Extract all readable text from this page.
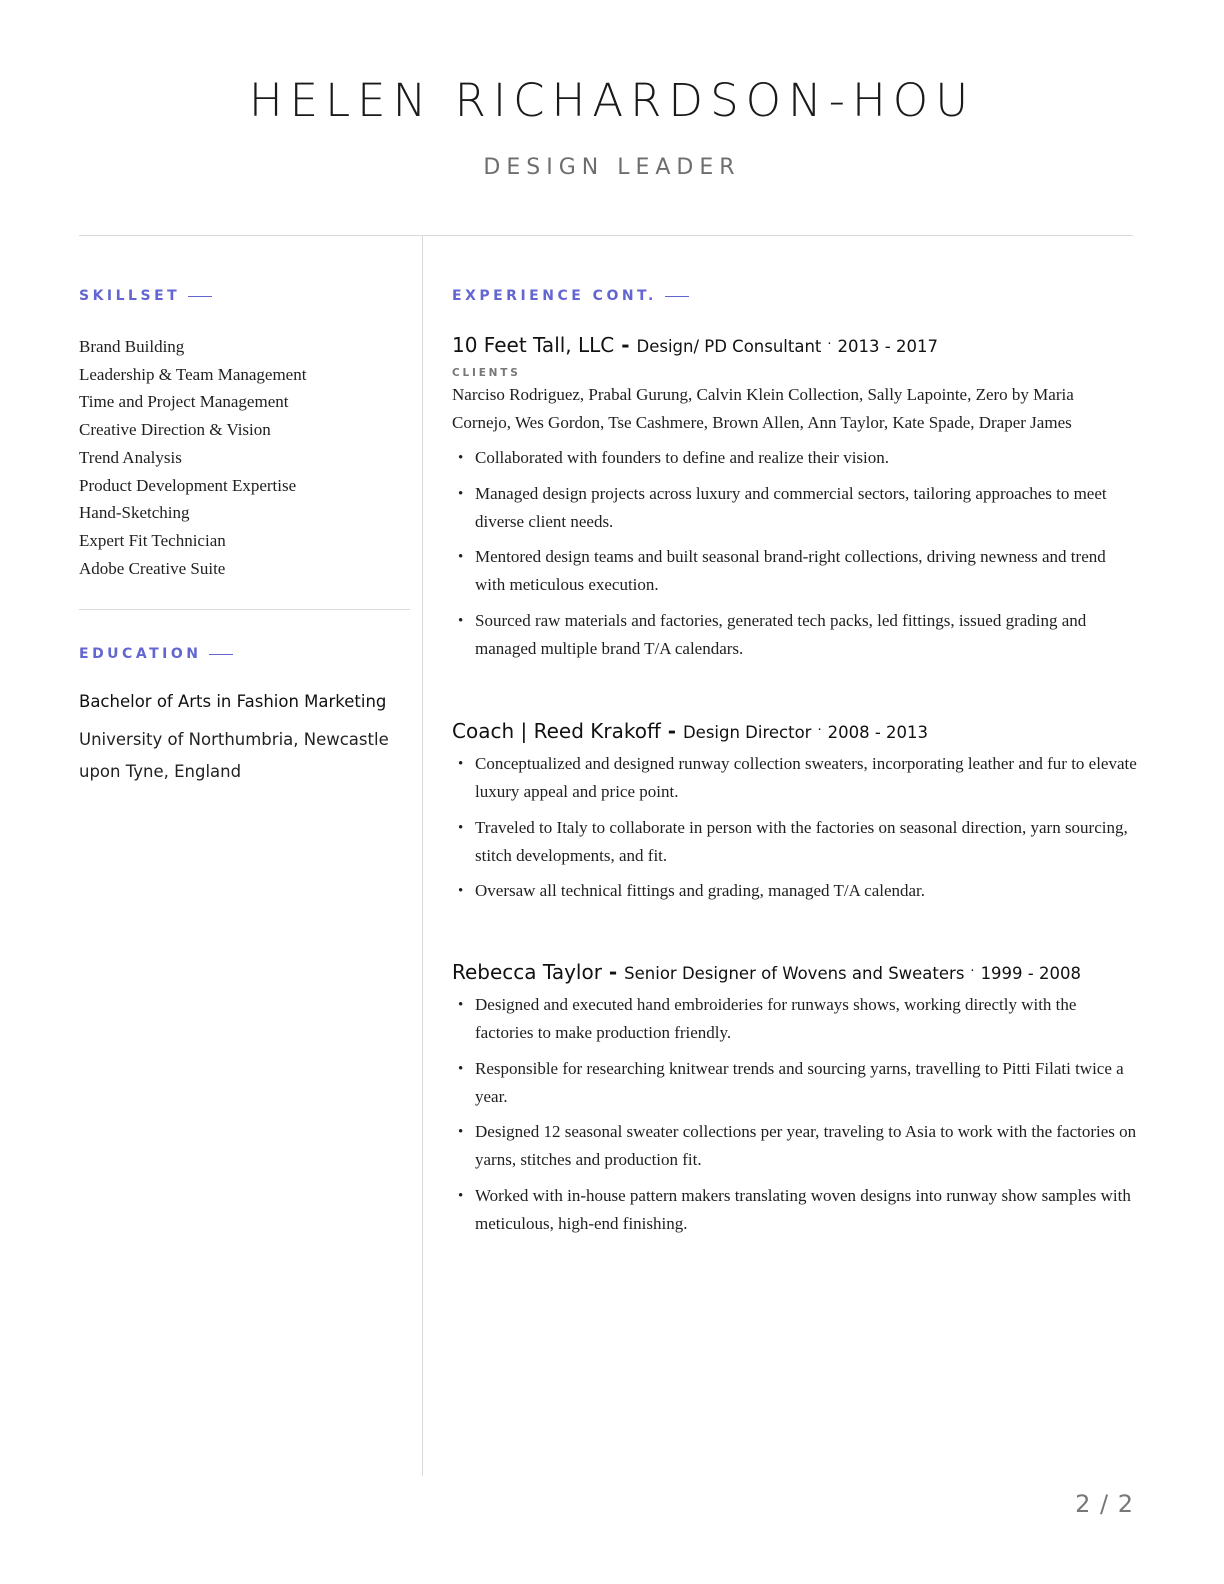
HELEN RICHARDSON-HOU
DESIGN LEADER
SKILLSET
Brand Building
Leadership & Team Management
Time and Project Management
Creative Direction & Vision
Trend Analysis
Product Development Expertise
Hand-Sketching
Expert Fit Technician
Adobe Creative Suite
EDUCATION
Bachelor of Arts in Fashion Marketing
University of Northumbria, Newcastle upon Tyne, England
EXPERIENCE CONT.
10 Feet Tall, LLC - Design/ PD Consultant · 2013 - 2017
CLIENTS
Narciso Rodriguez, Prabal Gurung, Calvin Klein Collection, Sally Lapointe, Zero by Maria Cornejo, Wes Gordon, Tse Cashmere, Brown Allen, Ann Taylor, Kate Spade, Draper James
• Collaborated with founders to define and realize their vision.
• Managed design projects across luxury and commercial sectors, tailoring approaches to meet diverse client needs.
• Mentored design teams and built seasonal brand-right collections, driving newness and trend with meticulous execution.
• Sourced raw materials and factories, generated tech packs, led fittings, issued grading and managed multiple brand T/A calendars.
Coach | Reed Krakoff - Design Director · 2008 - 2013
• Conceptualized and designed runway collection sweaters, incorporating leather and fur to elevate luxury appeal and price point.
• Traveled to Italy to collaborate in person with the factories on seasonal direction, yarn sourcing, stitch developments, and fit.
• Oversaw all technical fittings and grading, managed T/A calendar.
Rebecca Taylor - Senior Designer of Wovens and Sweaters · 1999 - 2008
• Designed and executed hand embroideries for runways shows, working directly with the factories to make production friendly.
• Responsible for researching knitwear trends and sourcing yarns, travelling to Pitti Filati twice a year.
• Designed 12 seasonal sweater collections per year, traveling to Asia to work with the factories on yarns, stitches and production fit.
• Worked with in-house pattern makers translating woven designs into runway show samples with meticulous, high-end finishing.
2 / 2
